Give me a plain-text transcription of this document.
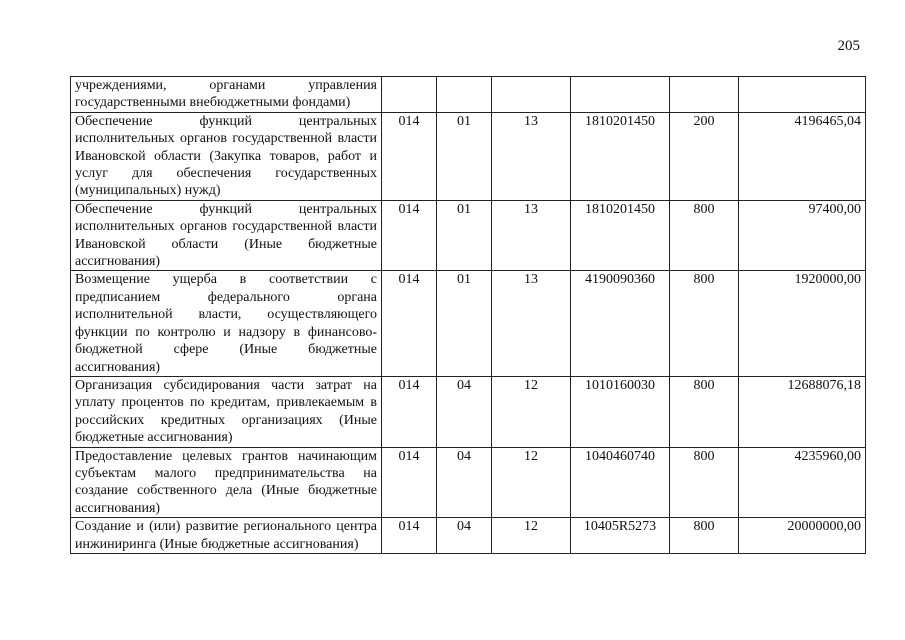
205
учреждениями, органами управления государственными внебюджетными фондами)						
Обеспечение функций центральных исполнительных органов государственной власти Ивановской области (Закупка товаров, работ и услуг для обеспечения государственных (муниципальных) нужд)	014	01	13	1810201450	200	4196465,04
Обеспечение функций центральных исполнительных органов государственной власти Ивановской области (Иные бюджетные ассигнования)	014	01	13	1810201450	800	97400,00
Возмещение ущерба в соответствии с предписанием федерального органа исполнительной власти, осуществляющего функции по контролю и надзору в финансово-бюджетной сфере (Иные бюджетные ассигнования)	014	01	13	4190090360	800	1920000,00
Организация субсидирования части затрат на уплату процентов по кредитам, привлекаемым в российских кредитных организациях (Иные бюджетные ассигнования)	014	04	12	1010160030	800	12688076,18
Предоставление целевых грантов начинающим субъектам малого предпринимательства на создание собственного дела (Иные бюджетные ассигнования)	014	04	12	1040460740	800	4235960,00
Создание и (или) развитие регионального центра инжиниринга (Иные бюджетные ассигнования)	014	04	12	10405R5273	800	20000000,00
